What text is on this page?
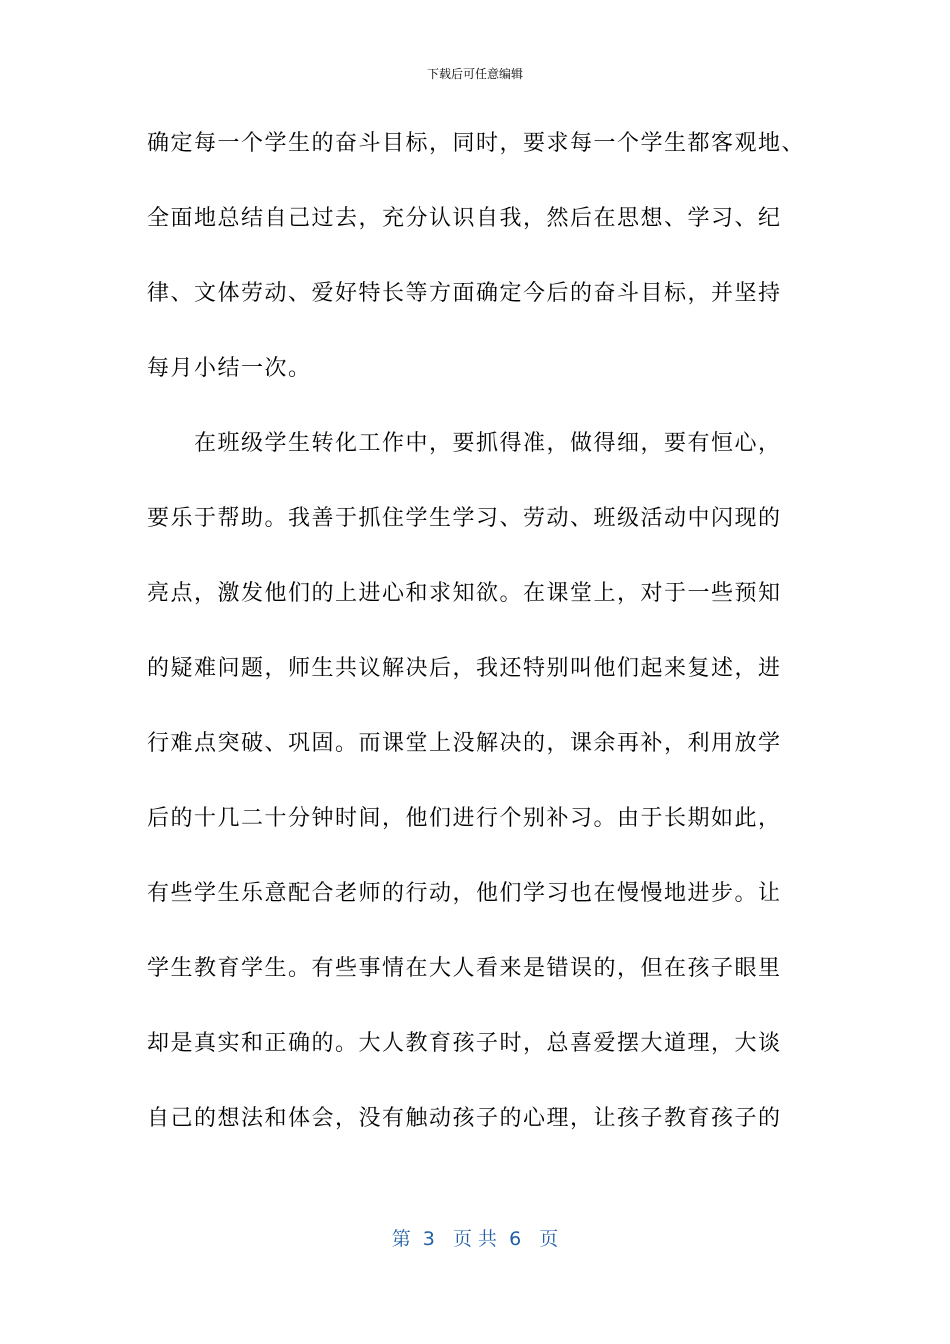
下载后可任意编辑
确定每一个学生的奋斗目标，同时，要求每一个学生都客观地、
全面地总结自己过去，充分认识自我，然后在思想、学习、纪
律、文体劳动、爱好特长等方面确定今后的奋斗目标，并坚持
每月小结一次。
　　在班级学生转化工作中，要抓得准，做得细，要有恒心，
要乐于帮助。我善于抓住学生学习、劳动、班级活动中闪现的
亮点，激发他们的上进心和求知欲。在课堂上，对于一些预知
的疑难问题，师生共议解决后，我还特别叫他们起来复述，进
行难点突破、巩固。而课堂上没解决的，课余再补，利用放学
后的十几二十分钟时间，他们进行个别补习。由于长期如此，
有些学生乐意配合老师的行动，他们学习也在慢慢地进步。让
学生教育学生。有些事情在大人看来是错误的，但在孩子眼里
却是真实和正确的。大人教育孩子时，总喜爱摆大道理，大谈
自己的想法和体会，没有触动孩子的心理，让孩子教育孩子的
第  3   页 共  6   页
